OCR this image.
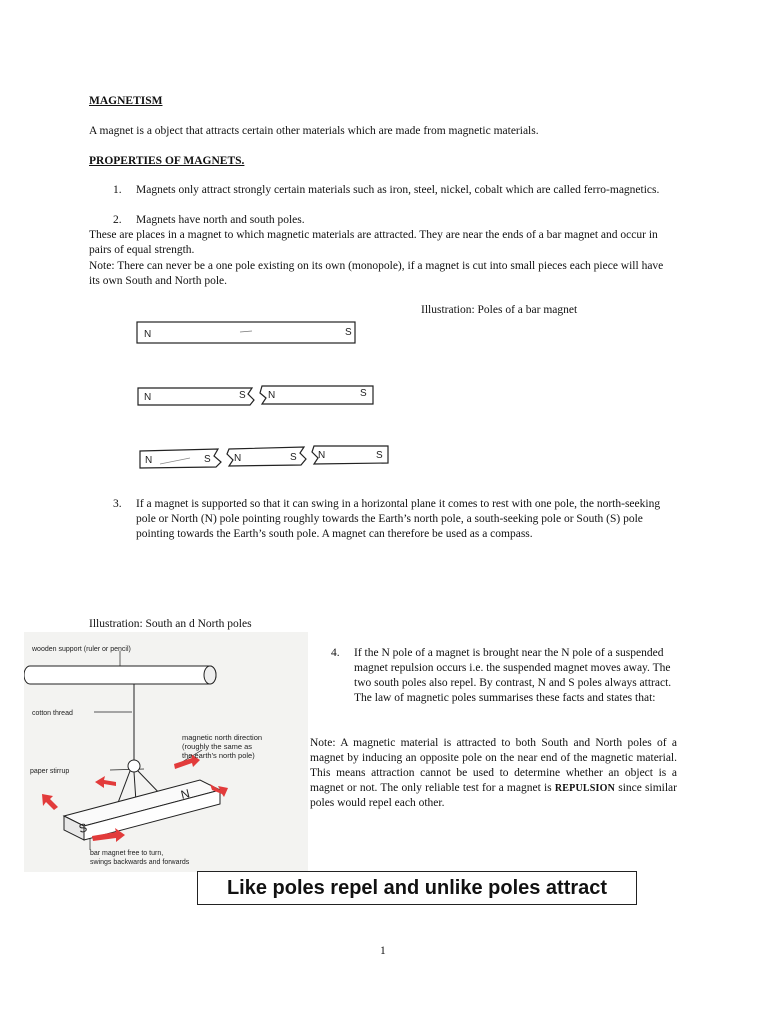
MAGNETISM
A magnet is a object that attracts certain other materials which are made from magnetic materials.
PROPERTIES OF MAGNETS.
1. Magnets only attract strongly certain materials such as iron, steel, nickel, cobalt which are called ferro-magnetics.
2. Magnets have north and south poles.
These are places in a magnet to which magnetic materials are attracted. They are near the ends of a bar magnet and occur in pairs of equal strength.
Note: There can never be a one pole existing on its own (monopole), if a magnet is cut into small pieces each piece will have its own South and North pole.
Illustration: Poles of a bar magnet
N	S
N	S N	S
N	S N	S N	S
3. If a magnet is supported so that it can swing in a horizontal plane it comes to rest with one pole, the north-seeking pole or North (N) pole pointing roughly towards the Earth’s north pole, a south-seeking pole or South (S) pole pointing towards the Earth’s south pole. A magnet can therefore be used as a compass.
Illustration: South an d North poles
wooden support (ruler or pencil)
cotton thread
magnetic north direction
(roughly the same as
the earth's north pole)
paper stirrup
bar magnet free to turn,
swings backwards and forwards
N
S
4. If the N pole of a magnet is brought near the N pole of a suspended magnet repulsion occurs i.e. the suspended magnet moves away. The two south poles also repel. By contrast, N and S poles always attract. The law of magnetic poles summarises these facts and states that:
Note: A magnetic material is attracted to both South and North poles of a magnet by inducing an opposite pole on the near end of the magnetic material. This means attraction cannot be used to determine whether an object is a magnet or not. The only reliable test for a magnet is REPULSION since similar poles would repel each other.
Like poles repel and unlike poles attract
1
